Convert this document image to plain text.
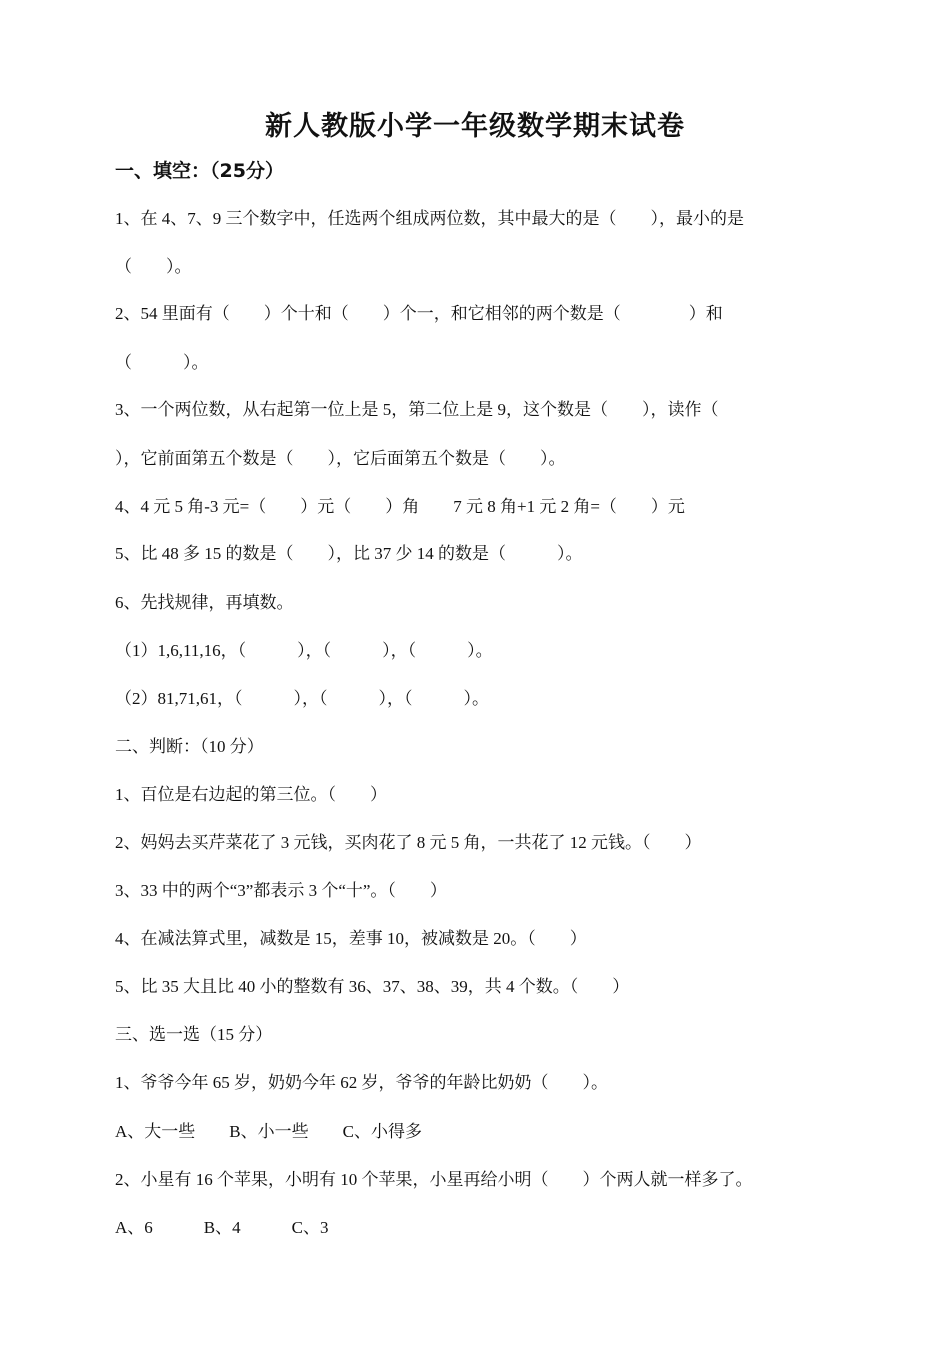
新人教版小学一年级数学期末试卷
一、填空：（25分）
1、在 4、7、9 三个数字中，任选两个组成两位数，其中最大的是（　　），最小的是
（　　）。
2、54 里面有（　　）个十和（　　）个一，和它相邻的两个数是（　　　　）和
（　　　）。
3、一个两位数，从右起第一位上是 5，第二位上是 9，这个数是（　　），读作（
），它前面第五个数是（　　），它后面第五个数是（　　）。
4、4 元 5 角-3 元=（　　）元（　　）角　　7 元 8 角+1 元 2 角=（　　）元
5、比 48 多 15 的数是（　　），比 37 少 14 的数是（　　　）。
6、先找规律，再填数。
（1）1,6,11,16，（　　　），（　　　），（　　　）。
（2）81,71,61，（　　　），（　　　），（　　　）。
二、判断：（10 分）
1、百位是右边起的第三位。（　　）
2、妈妈去买芹菜花了 3 元钱，买肉花了 8 元 5 角，一共花了 12 元钱。（　　）
3、33 中的两个“3”都表示 3 个“十”。（　　）
4、在减法算式里，减数是 15，差事 10，被减数是 20。（　　）
5、比 35 大且比 40 小的整数有 36、37、38、39，共 4 个数。（　　）
三、选一选（15 分）
1、爷爷今年 65 岁，奶奶今年 62 岁，爷爷的年龄比奶奶（　　）。
A、大一些　　B、小一些　　C、小得多
2、小星有 16 个苹果，小明有 10 个苹果，小星再给小明（　　）个两人就一样多了。
A、6　　　B、4　　　C、3
